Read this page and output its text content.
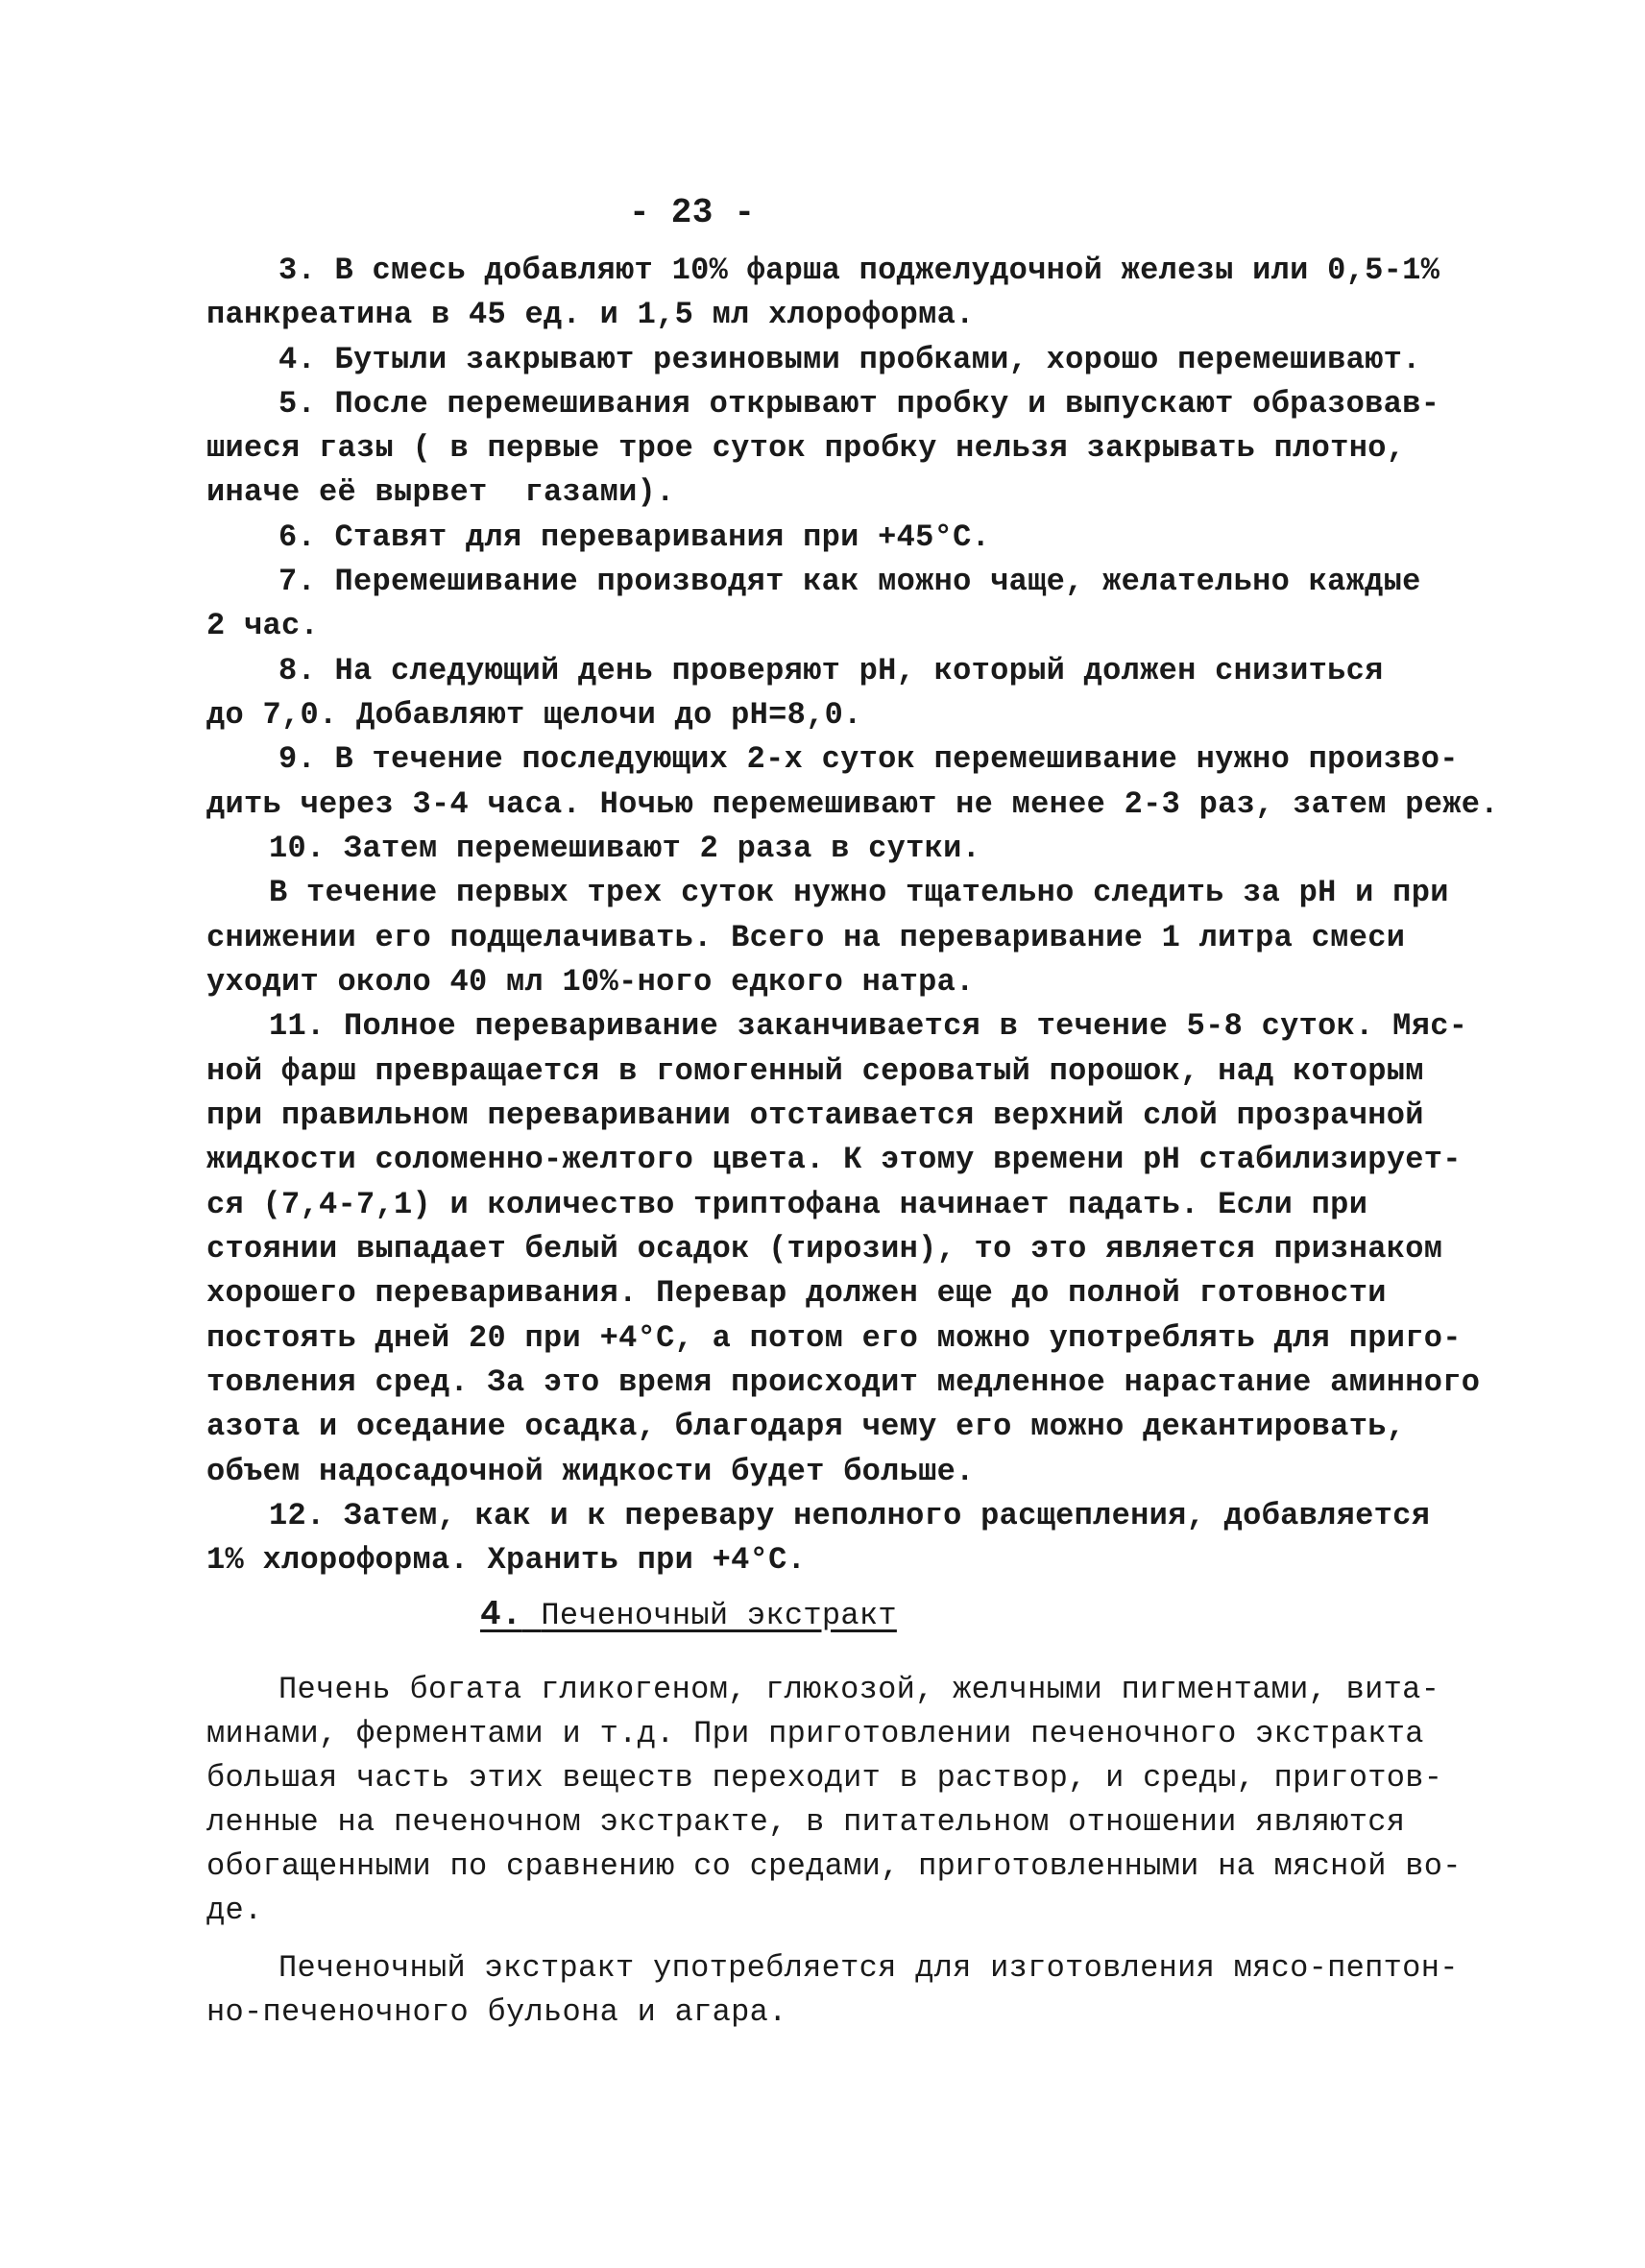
- 23 -
3. В смесь добавляют 10% фарша поджелудочной железы или 0,5-1%
панкреатина в 45 ед. и 1,5 мл хлороформа.
4. Бутыли закрывают резиновыми пробками, хорошо перемешивают.
5. После перемешивания открывают пробку и выпускают образовав-
шиеся газы ( в первые трое суток пробку нельзя закрывать плотно,
иначе её вырвет  газами).
6. Ставят для переваривания при +45°С.
7. Перемешивание производят как можно чаще, желательно каждые
2 час.
8. На следующий день проверяют рН, который должен снизиться
до 7,0. Добавляют щелочи до рН=8,0.
9. В течение последующих 2-х суток перемешивание нужно произво-
дить через 3-4 часа. Ночью перемешивают не менее 2-3 раз, затем реже.
10. Затем перемешивают 2 раза в сутки.
В течение первых трех суток нужно тщательно следить за рН и при
снижении его подщелачивать. Всего на переваривание 1 литра смеси
уходит около 40 мл 10%-ного едкого натра.
11. Полное переваривание заканчивается в течение 5-8 суток. Мяс-
ной фарш превращается в гомогенный сероватый порошок, над которым
при правильном переваривании отстаивается верхний слой прозрачной
жидкости соломенно-желтого цвета. К этому времени рН стабилизирует-
ся (7,4-7,1) и количество триптофана начинает падать. Если при
стоянии выпадает белый осадок (тирозин), то это является признаком
хорошего переваривания. Перевар должен еще до полной готовности
постоять дней 20 при +4°С, а потом его можно употреблять для приго-
товления сред. За это время происходит медленное нарастание аминного
азота и оседание осадка, благодаря чему его можно декантировать,
объем надосадочной жидкости будет больше.
12. Затем, как и к перевару неполного расщепления, добавляется
1% хлороформа. Хранить при +4°С.
4. Печеночный экстракт
Печень богата гликогеном, глюкозой, желчными пигментами, вита-
минами, ферментами и т.д. При приготовлении печеночного экстракта
большая часть этих веществ переходит в раствор, и среды, приготов-
ленные на печеночном экстракте, в питательном отношении являются
обогащенными по сравнению со средами, приготовленными на мясной во-
де.
Печеночный экстракт употребляется для изготовления мясо-пептон-
но-печеночного бульона и агара.
